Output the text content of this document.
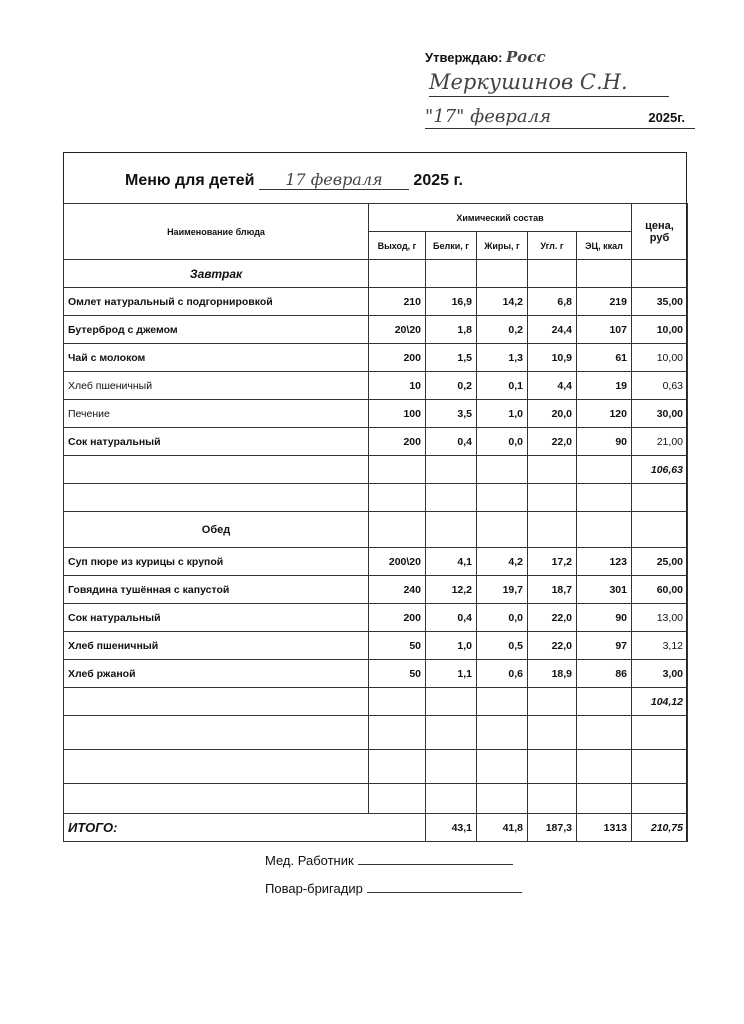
Утверждаю: Росс
Меркушинов С.Н.
"17" февраля	2025г.
Меню для детей 17 февраля 2025 г.
Наименование блюда	Химический состав					цена, руб
	Выход, г	Белки, г	Жиры, г	Угл. г	ЭЦ, ккал	
Завтрак						
Омлет натуральный с подгорнировкой	210	16,9	14,2	6,8	219	35,00
Бутерброд с джемом	20\20	1,8	0,2	24,4	107	10,00
Чай с молоком	200	1,5	1,3	10,9	61	10,00
Хлеб пшеничный	10	0,2	0,1	4,4	19	0,63
Печение	100	3,5	1,0	20,0	120	30,00
Сок натуральный	200	0,4	0,0	22,0	90	21,00
						106,63

Обед						
Суп пюре из курицы с крупой	200\20	4,1	4,2	17,2	123	25,00
Говядина тушённая с капустой	240	12,2	19,7	18,7	301	60,00
Сок натуральный	200	0,4	0,0	22,0	90	13,00
Хлеб пшеничный	50	1,0	0,5	22,0	97	3,12
Хлеб ржаной	50	1,1	0,6	18,9	86	3,00
						104,12

ИТОГО:		43,1	41,8	187,3	1313	210,75
Мед. Работник
Повар-бригадир
